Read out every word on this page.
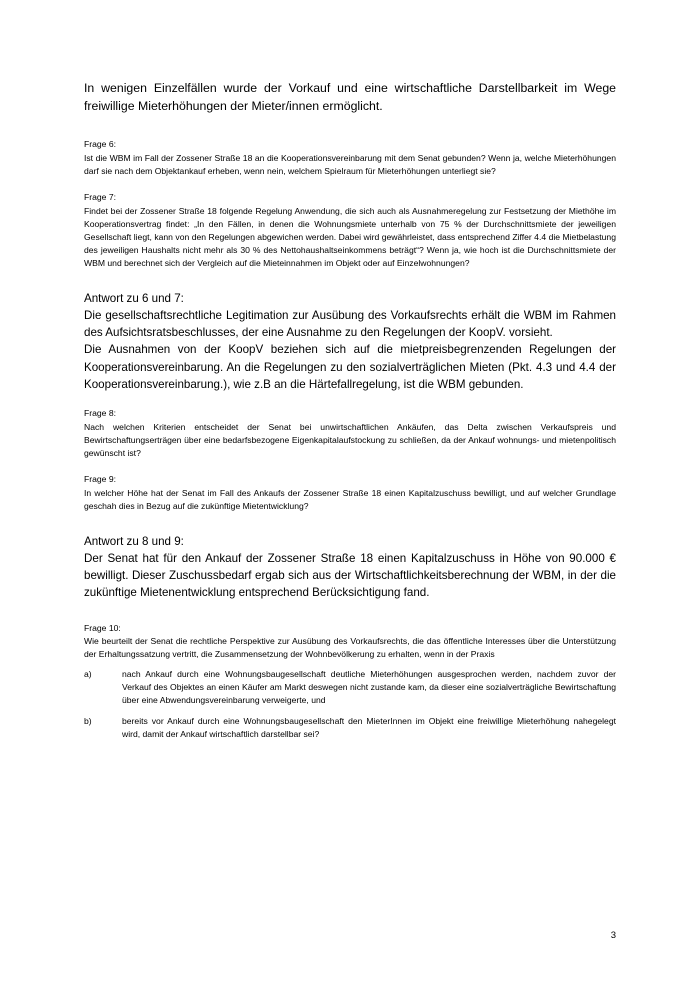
In wenigen Einzelfällen wurde der Vorkauf und eine wirtschaftliche Darstellbarkeit im Wege freiwillige Mieterhöhungen der Mieter/innen ermöglicht.

Frage 6:

Ist die WBM im Fall der Zossener Straße 18 an die Kooperationsvereinbarung mit dem Senat gebunden? Wenn ja, welche Mieterhöhungen darf sie nach dem Objektankauf erheben, wenn nein, welchem Spielraum für Mieterhöhungen unterliegt sie?

Frage 7:

Findet bei der Zossener Straße 18 folgende Regelung Anwendung, die sich auch als Ausnahmeregelung zur Festsetzung der Miethöhe im Kooperationsvertrag findet: „In den Fällen, in denen die Wohnungsmiete unterhalb von 75 % der Durchschnittsmiete der jeweiligen Gesellschaft liegt, kann von den Regelungen abgewichen werden. Dabei wird gewährleistet, dass entsprechend Ziffer 4.4 die Mietbelastung des jeweiligen Haushalts nicht mehr als 30 % des Nettohaushaltseinkommens beträgt“? Wenn ja, wie hoch ist die Durchschnittsmiete der WBM und berechnet sich der Vergleich auf die Mieteinnahmen im Objekt oder auf Einzelwohnungen?

Antwort zu 6 und 7:

Die gesellschaftsrechtliche Legitimation zur Ausübung des Vorkaufsrechts erhält die WBM im Rahmen des Aufsichtsratsbeschlusses, der eine Ausnahme zu den Regelungen der KoopV. vorsieht.

Die Ausnahmen von der KoopV beziehen sich auf die mietpreisbegrenzenden Regelungen der Kooperationsvereinbarung. An die Regelungen zu den sozialverträglichen Mieten (Pkt. 4.3 und 4.4 der Kooperationsvereinbarung.), wie z.B an die Härtefallregelung, ist die WBM gebunden.

Frage 8:

Nach welchen Kriterien entscheidet der Senat bei unwirtschaftlichen Ankäufen, das Delta zwischen Verkaufspreis und Bewirtschaftungserträgen über eine bedarfsbezogene Eigenkapitalaufstockung zu schließen, da der Ankauf wohnungs- und mietenpolitisch gewünscht ist?

Frage 9:

In welcher Höhe hat der Senat im Fall des Ankaufs der Zossener Straße 18 einen Kapitalzuschuss bewilligt, und auf welcher Grundlage geschah dies in Bezug auf die zukünftige Mietentwicklung?

Antwort zu 8 und 9:

Der Senat hat für den Ankauf der Zossener Straße 18 einen Kapitalzuschuss in Höhe von 90.000 € bewilligt. Dieser Zuschussbedarf ergab sich aus der Wirtschaftlichkeitsberechnung der WBM, in der die zukünftige Mietenentwicklung entsprechend Berücksichtigung fand.

Frage 10:

Wie beurteilt der Senat die rechtliche Perspektive zur Ausübung des Vorkaufsrechts, die das öffentliche Interesses über die Unterstützung der Erhaltungssatzung vertritt, die Zusammensetzung der Wohnbevölkerung zu erhalten, wenn in der Praxis

a)	nach Ankauf durch eine Wohnungsbaugesellschaft deutliche Mieterhöhungen ausgesprochen werden, nachdem zuvor der Verkauf des Objektes an einen Käufer am Markt deswegen nicht zustande kam, da dieser eine sozialverträgliche Bewirtschaftung über eine Abwendungsvereinbarung verweigerte, und
b)	bereits vor Ankauf durch eine Wohnungsbaugesellschaft den MieterInnen im Objekt eine freiwillige Mieterhöhung nahegelegt wird, damit der Ankauf wirtschaftlich darstellbar sei?
3
